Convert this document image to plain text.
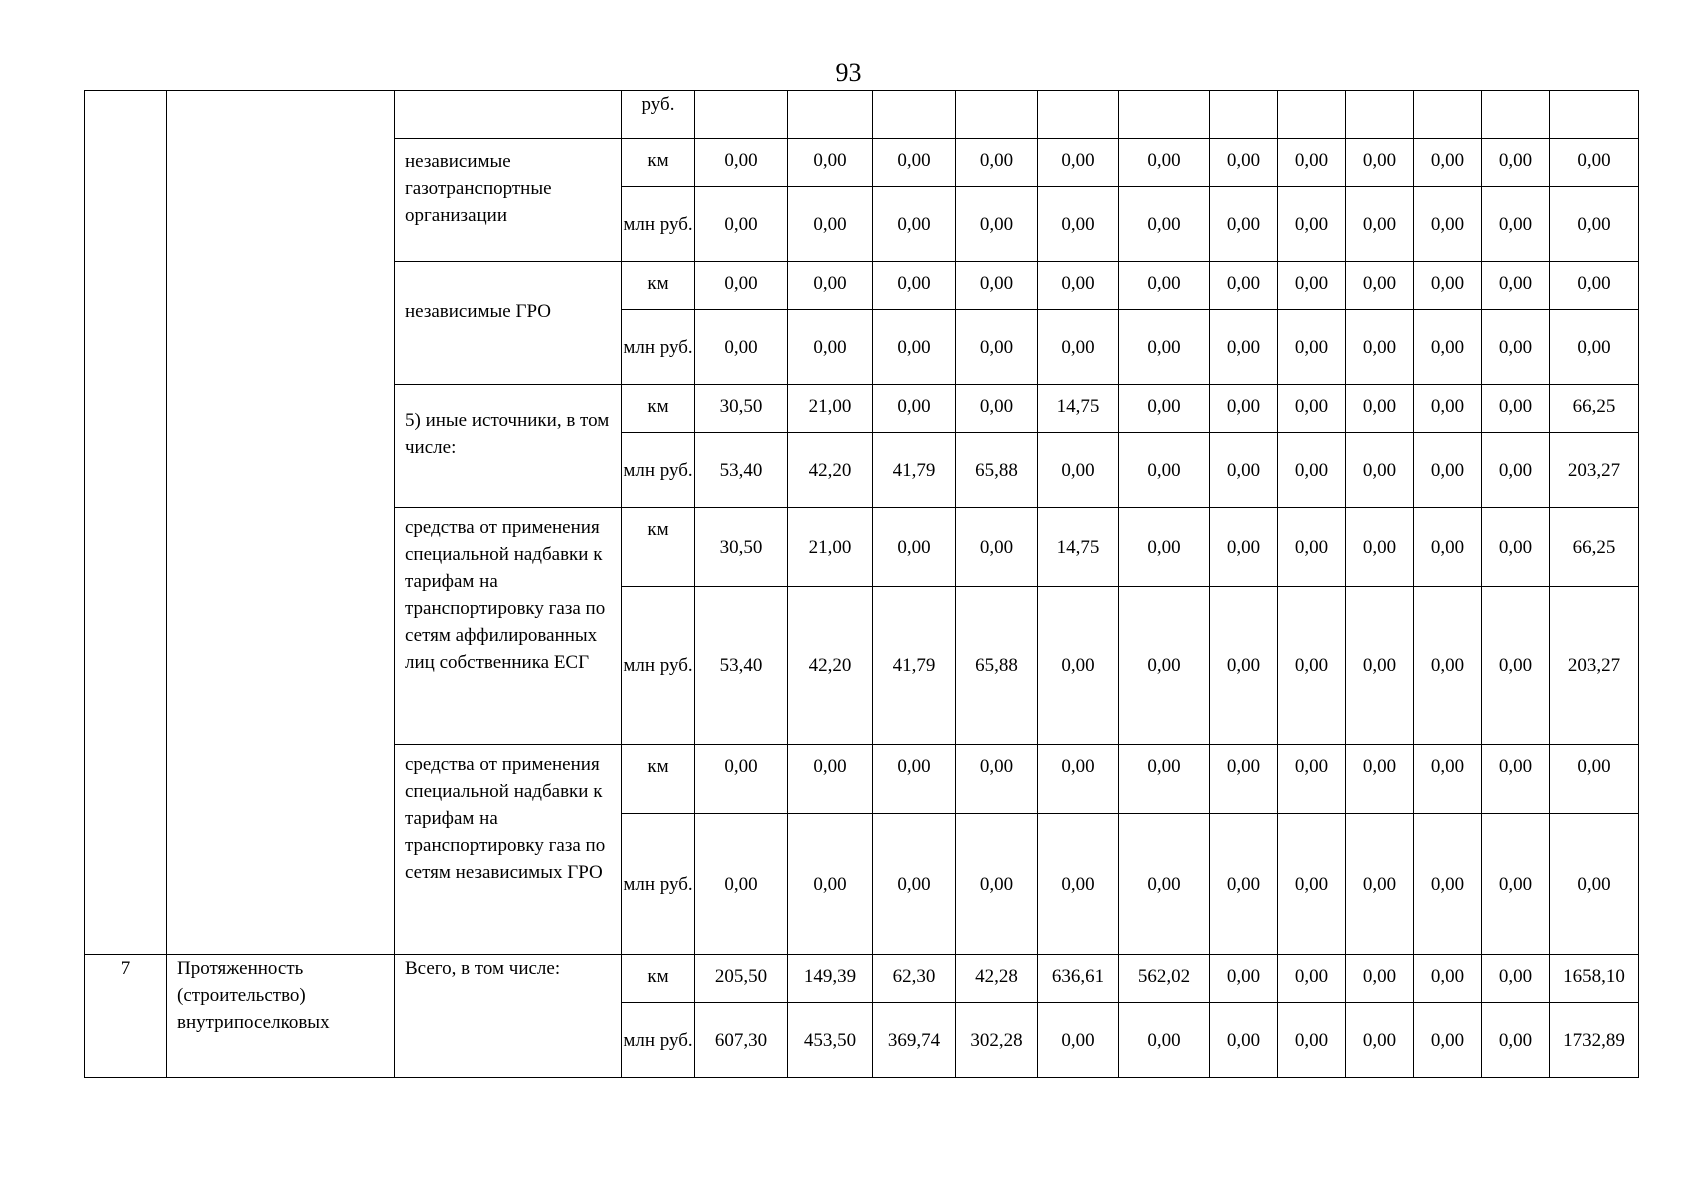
93
			руб.												
		независимые газотранспортные организации	км	0,00	0,00	0,00	0,00	0,00	0,00	0,00	0,00	0,00	0,00	0,00	0,00
			млн руб.	0,00	0,00	0,00	0,00	0,00	0,00	0,00	0,00	0,00	0,00	0,00	0,00
		независимые ГРО	км	0,00	0,00	0,00	0,00	0,00	0,00	0,00	0,00	0,00	0,00	0,00	0,00
			млн руб.	0,00	0,00	0,00	0,00	0,00	0,00	0,00	0,00	0,00	0,00	0,00	0,00
		5) иные источники, в том числе:	км	30,50	21,00	0,00	0,00	14,75	0,00	0,00	0,00	0,00	0,00	0,00	66,25
			млн руб.	53,40	42,20	41,79	65,88	0,00	0,00	0,00	0,00	0,00	0,00	0,00	203,27
		средства от применения специальной надбавки к тарифам на транспортировку газа по сетям аффилированных лиц собственника ЕСГ	км	30,50	21,00	0,00	0,00	14,75	0,00	0,00	0,00	0,00	0,00	0,00	66,25
			млн руб.	53,40	42,20	41,79	65,88	0,00	0,00	0,00	0,00	0,00	0,00	0,00	203,27
		средства от применения специальной надбавки к тарифам на транспортировку газа по сетям независимых ГРО	км	0,00	0,00	0,00	0,00	0,00	0,00	0,00	0,00	0,00	0,00	0,00	0,00
			млн руб.	0,00	0,00	0,00	0,00	0,00	0,00	0,00	0,00	0,00	0,00	0,00	0,00
7	Протяженность (строительство) внутрипоселковых	Всего, в том числе:	км	205,50	149,39	62,30	42,28	636,61	562,02	0,00	0,00	0,00	0,00	0,00	1658,10
			млн руб.	607,30	453,50	369,74	302,28	0,00	0,00	0,00	0,00	0,00	0,00	0,00	1732,89
